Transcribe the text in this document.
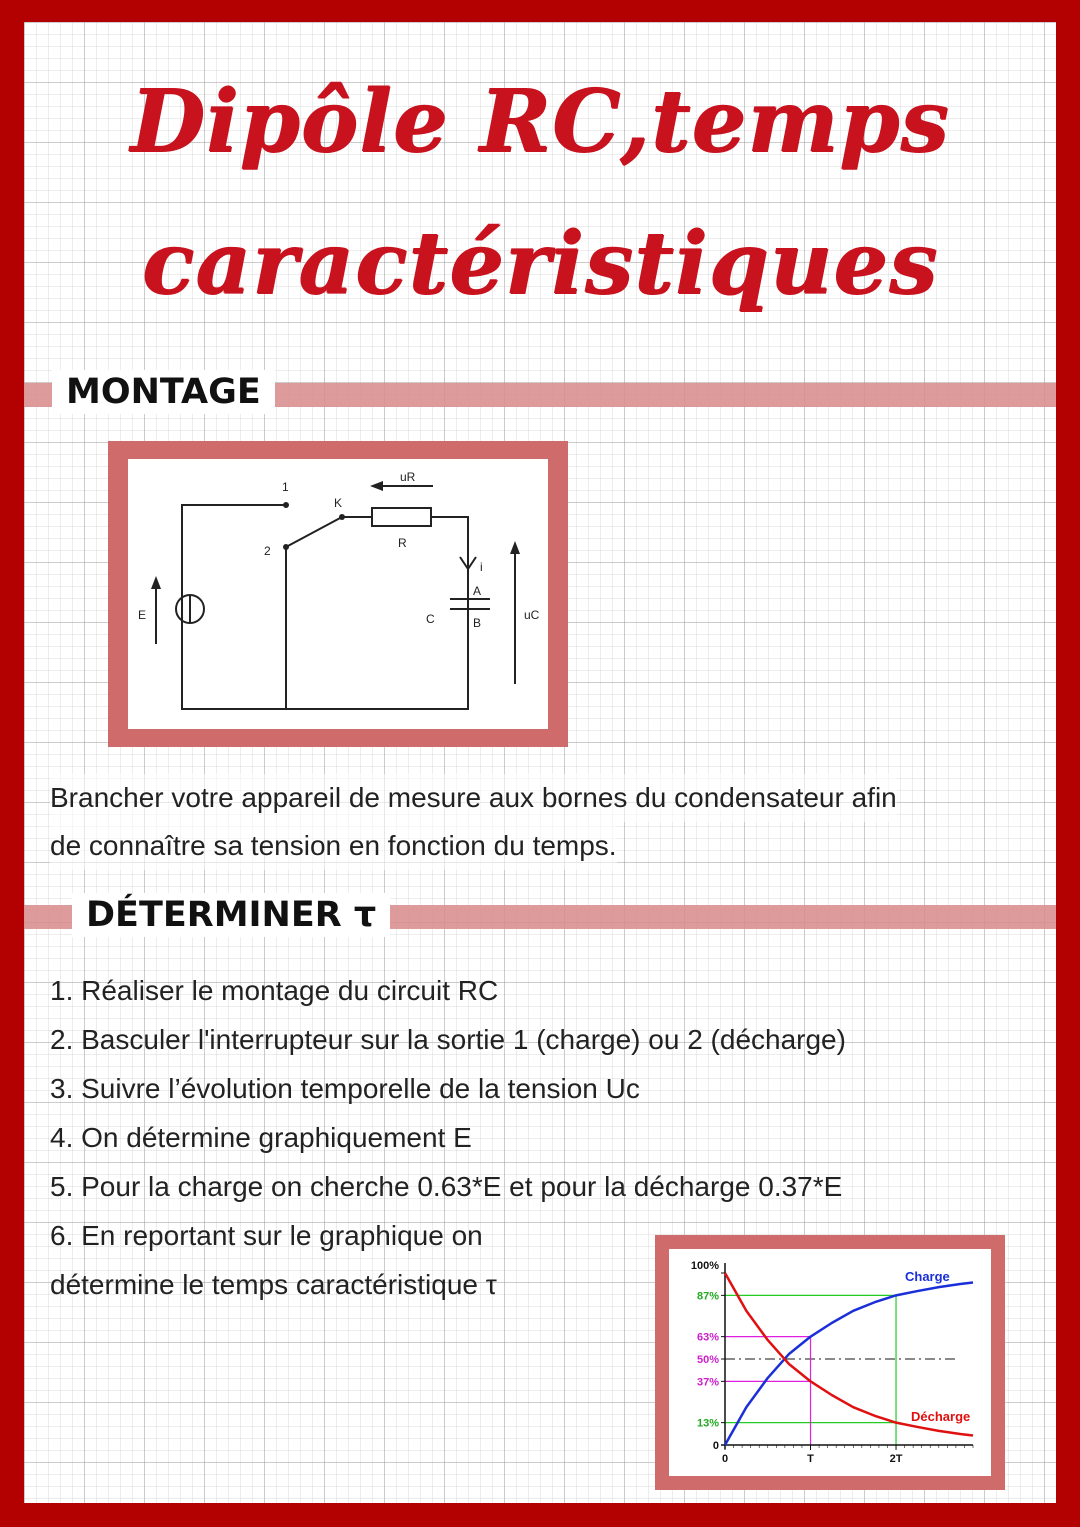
Dipôle RC,temps
caractéristiques
MONTAGE
1
2
K
R
uR
i
C
A
B
uC
E
Brancher votre appareil de mesure aux bornes du condensateur afin
de connaître sa tension en fonction du temps.
DÉTERMINER τ
1. Réaliser le montage du circuit RC
2. Basculer l'interrupteur sur la sortie 1 (charge) ou 2 (décharge)
3. Suivre l’évolution temporelle de la tension Uc
4. On détermine graphiquement E
5. Pour la charge on cherche 0.63*E et pour la décharge 0.37*E
6. En reportant sur le graphique on
détermine le temps caractéristique τ
100%
87%
63%
50%
37%
13%
0
0	T	2T
Charge
Décharge
